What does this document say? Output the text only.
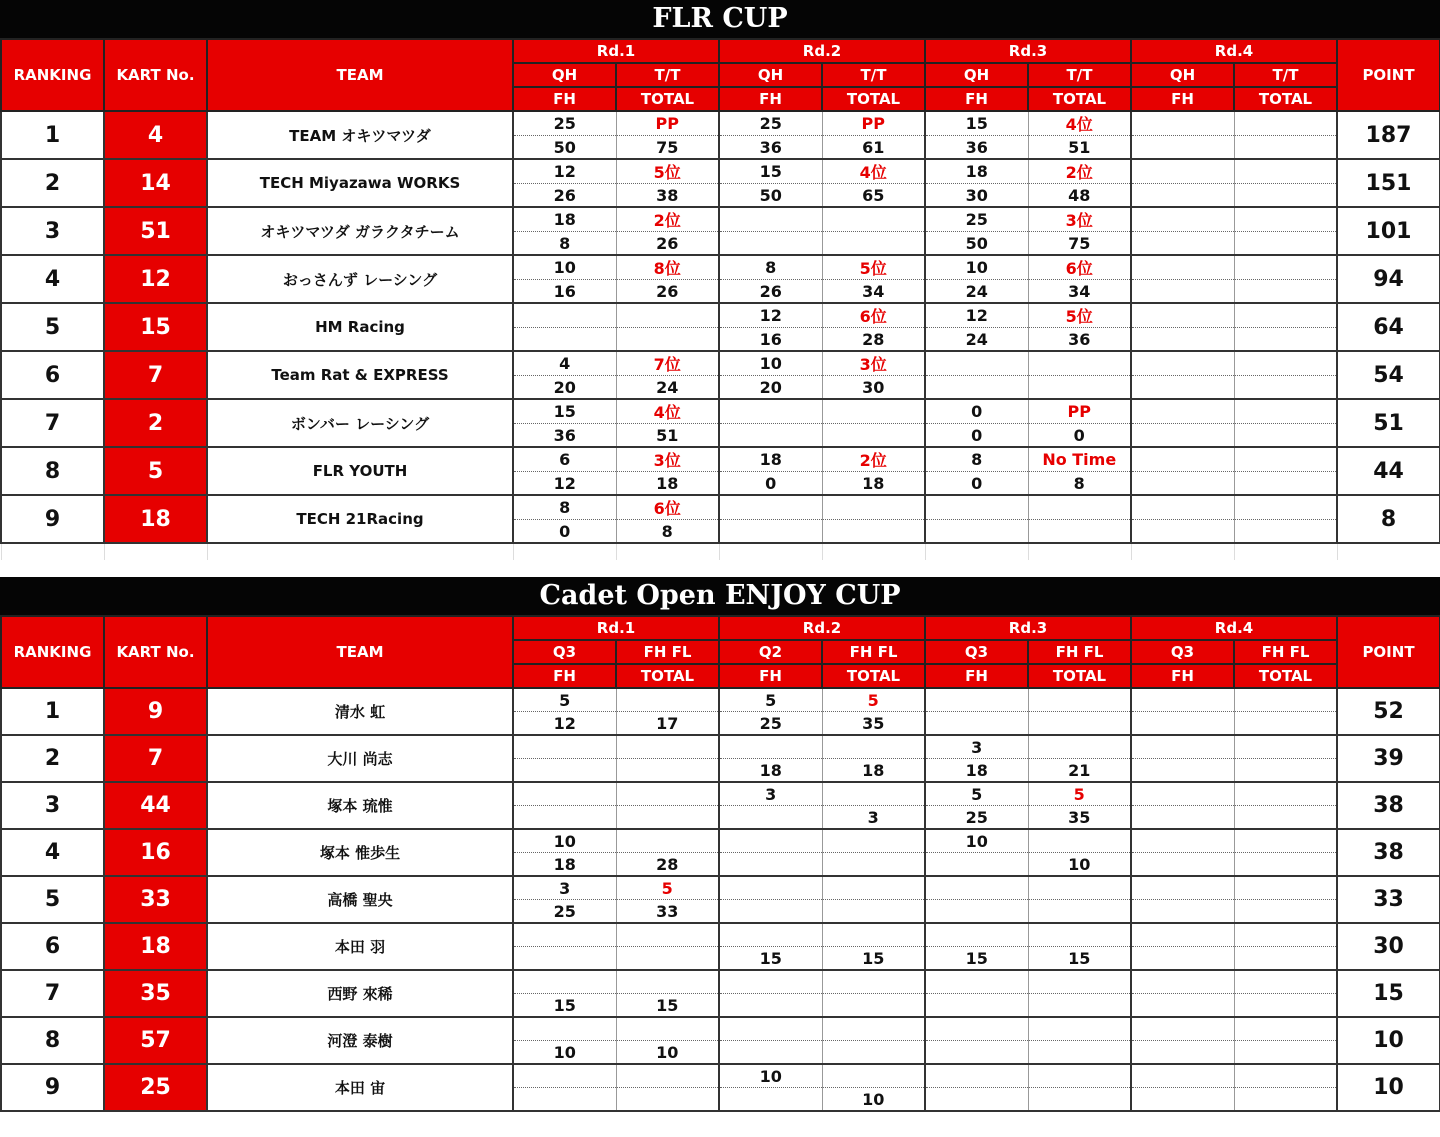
FLR CUP
RANKING	KART No.	TEAM	Rd.1		Rd.2		Rd.3		Rd.4		POINT	
			QH	T/T	QH	T/T	QH	T/T	QH	T/T		
			FH	TOTAL	FH	TOTAL	FH	TOTAL	FH	TOTAL		
1	4	TEAM オキツマツダ	25	PP	25	PP	15	4位			187	
			50	75	36	61	36	51				
2	14	TECH Miyazawa WORKS	12	5位	15	4位	18	2位			151	
			26	38	50	65	30	48				
3	51	オキツマツダ ガラクタチーム	18	2位			25	3位			101	
			8	26			50	75				
4	12	おっさんず レーシング	10	8位	8	5位	10	6位			94	
			16	26	26	34	24	34				
5	15	HM Racing			12	6位	12	5位			64	
					16	28	24	36				
6	7	Team Rat & EXPRESS	4	7位	10	3位					54	
			20	24	20	30						
7	2	ボンバー レーシング	15	4位			0	PP			51	
			36	51			0	0				
8	5	FLR YOUTH	6	3位	18	2位	8	No Time			44	
			12	18	0	18	0	8				
9	18	TECH 21Racing	8	6位							8	
			0	8								

Cadet Open ENJOY CUP
RANKING	KART No.	TEAM	Rd.1		Rd.2		Rd.3		Rd.4		POINT
			Q3	FH FL	Q2	FH FL	Q3	FH FL	Q3	FH FL	
			FH	TOTAL	FH	TOTAL	FH	TOTAL	FH	TOTAL	
1	9	清水 虹	5		5	5					52
			12	17	25	35					
2	7	大川 尚志					3				39
					18	18	18	21			
3	44	塚本 琉惟			3		5	5			38
						3	25	35			
4	16	塚本 惟歩生	10				10				38
			18	28				10			
5	33	高橋 聖央	3	5							33
			25	33							
6	18	本田 羽									30
					15	15	15	15			
7	35	西野 來稀									15
			15	15							
8	57	河澄 泰樹									10
			10	10							
9	25	本田 宙			10						10
						10					
